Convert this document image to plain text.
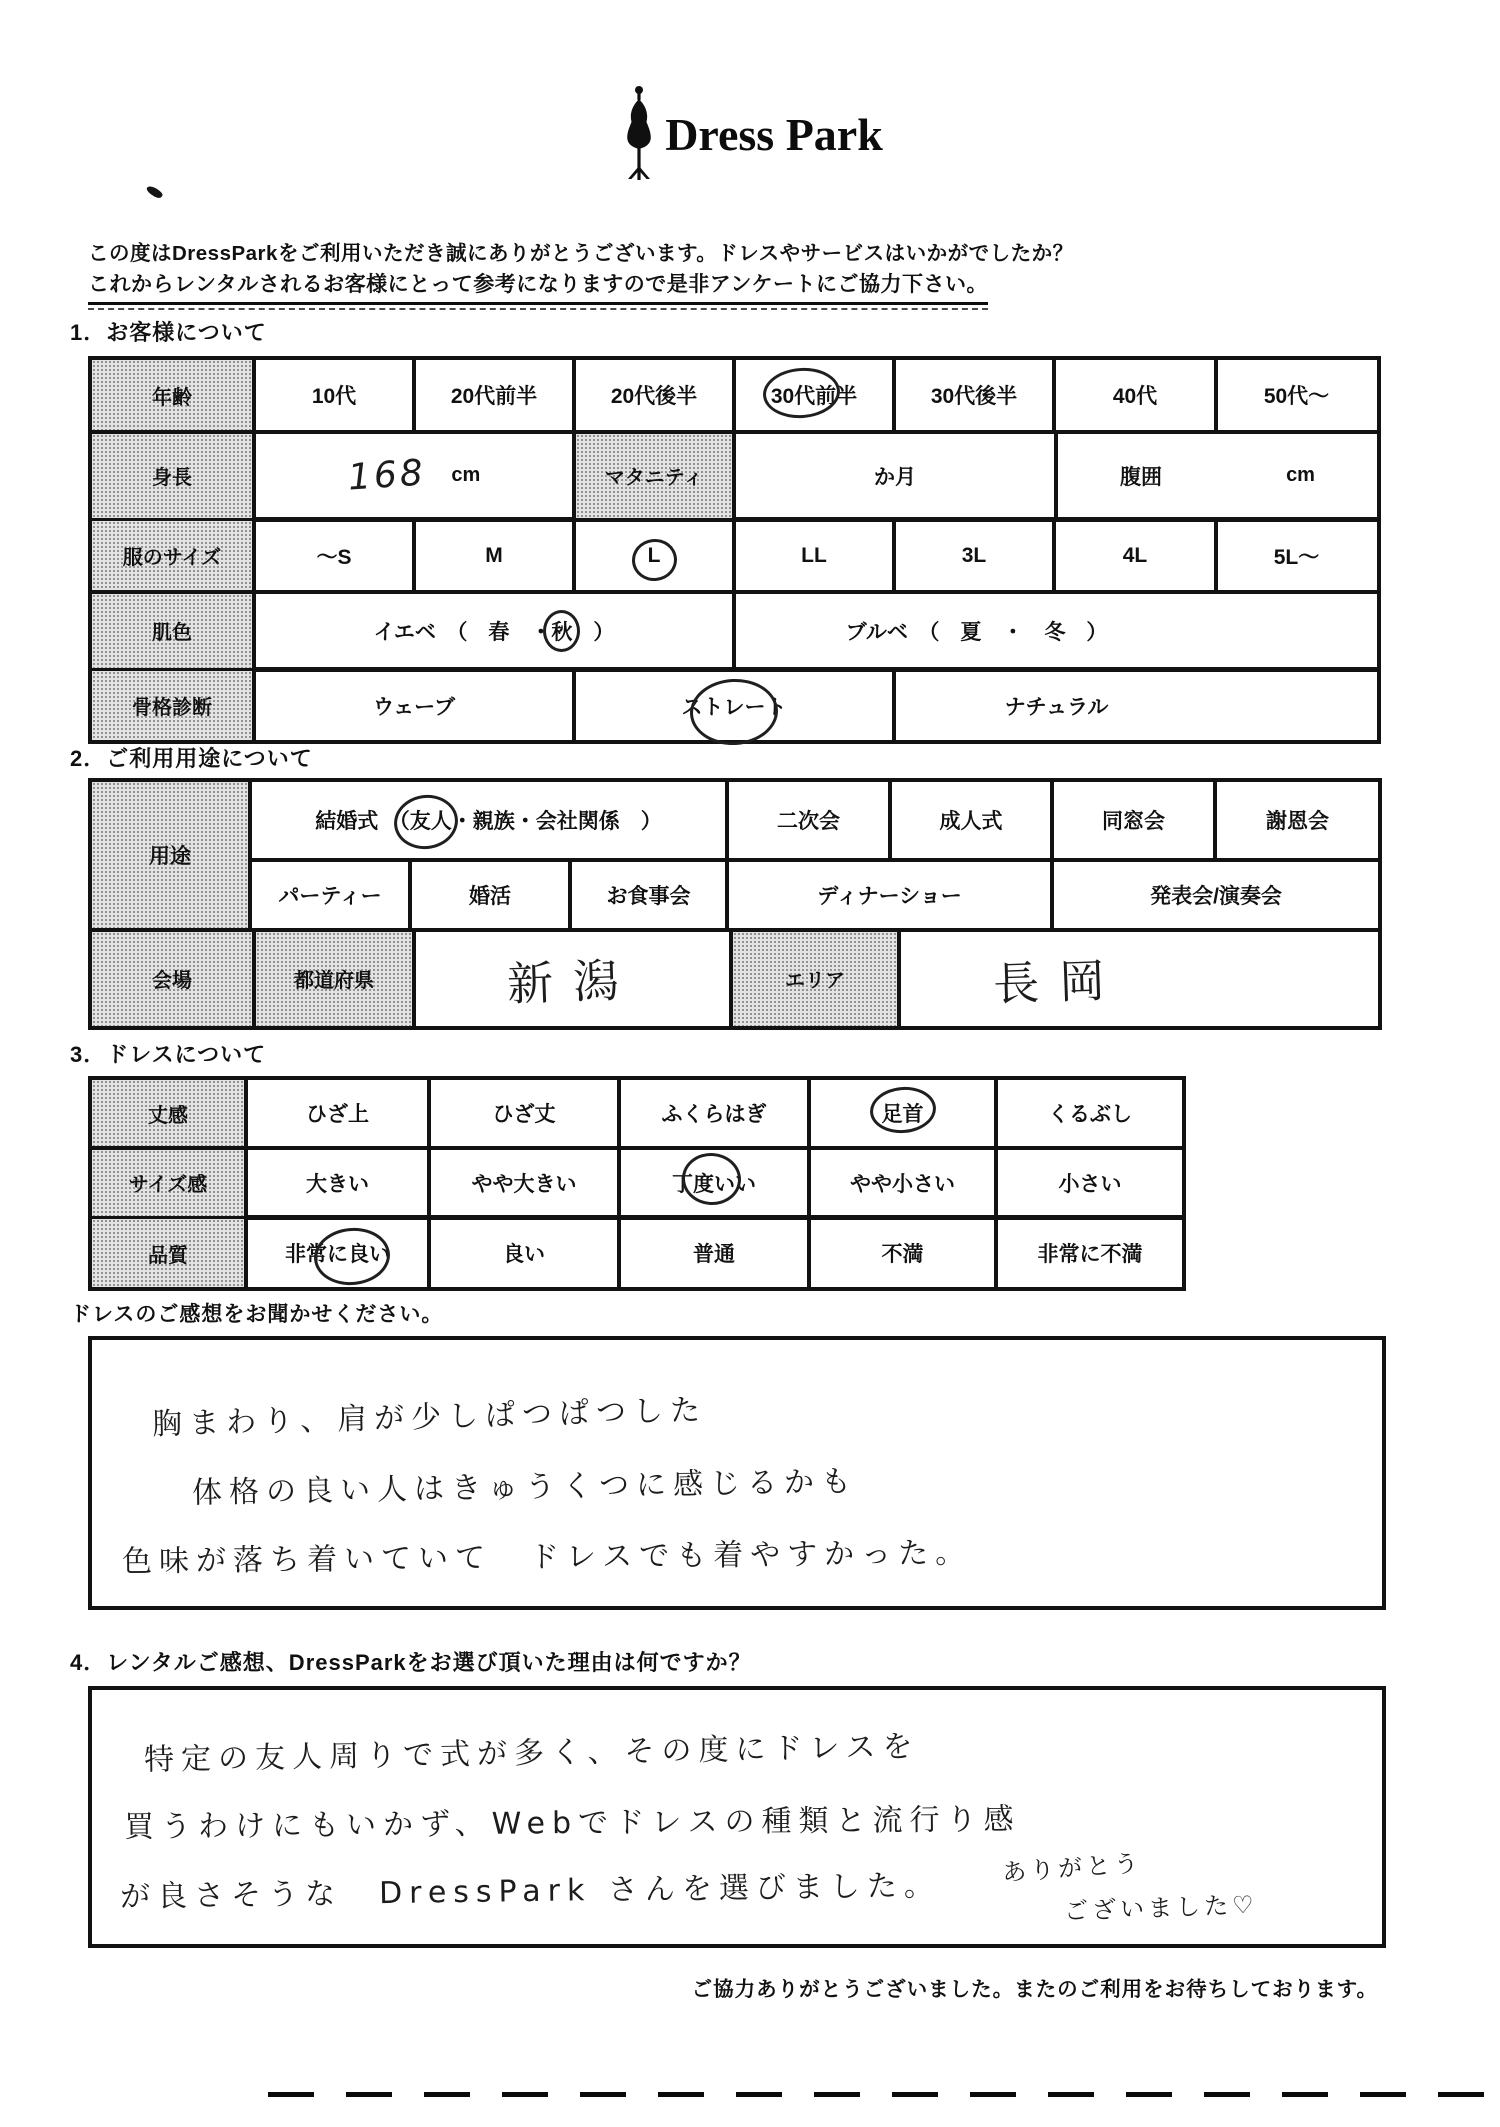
Dress Park
この度はDressParkをご利用いただき誠にありがとうございます。ドレスやサービスはいかがでしたか？
これからレンタルされるお客様にとって参考になりますので是非アンケートにご協力下さい。
1．お客様について
年齢	10代	20代前半	20代後半	30代前半	30代後半	40代	50代～
身長	168 cm	マタニティ	か月	腹囲	cm
服のサイズ	～S	M	L	LL	3L	4L	5L～
肌色	イエベ　（　春　・ 秋 　）	ブルベ　（　夏　・　冬　）
骨格診断	ウェーブ	ストレート	ナチュラル
2．ご利用用途について
用途
結婚式　（ 友人 ・親族・会社関係　）	二次会	成人式	同窓会	謝恩会
パーティー	婚活	お食事会	ディナーショー	発表会/演奏会
会場	都道府県	新潟	エリア	長岡
3．ドレスについて
丈感	ひざ上	ひざ丈	ふくらはぎ	足首	くるぶし
サイズ感	大きい	やや大きい	丁度いい	やや小さい	小さい
品質	非常に良い	良い	普通	不満	非常に不満
ドレスのご感想をお聞かせください。
胸まわり、肩が少しぱつぱつした
体格の良い人はきゅうくつに感じるかも
色味が落ち着いていて　ドレスでも着やすかった。
4．レンタルご感想、DressParkをお選び頂いた理由は何ですか？
特定の友人周りで式が多く、その度にドレスを
買うわけにもいかず、Webでドレスの種類と流行り感
が良さそうな　DressPark さんを選びました。
ありがとう
ございました♡
ご協力ありがとうございました。またのご利用をお待ちしております。
